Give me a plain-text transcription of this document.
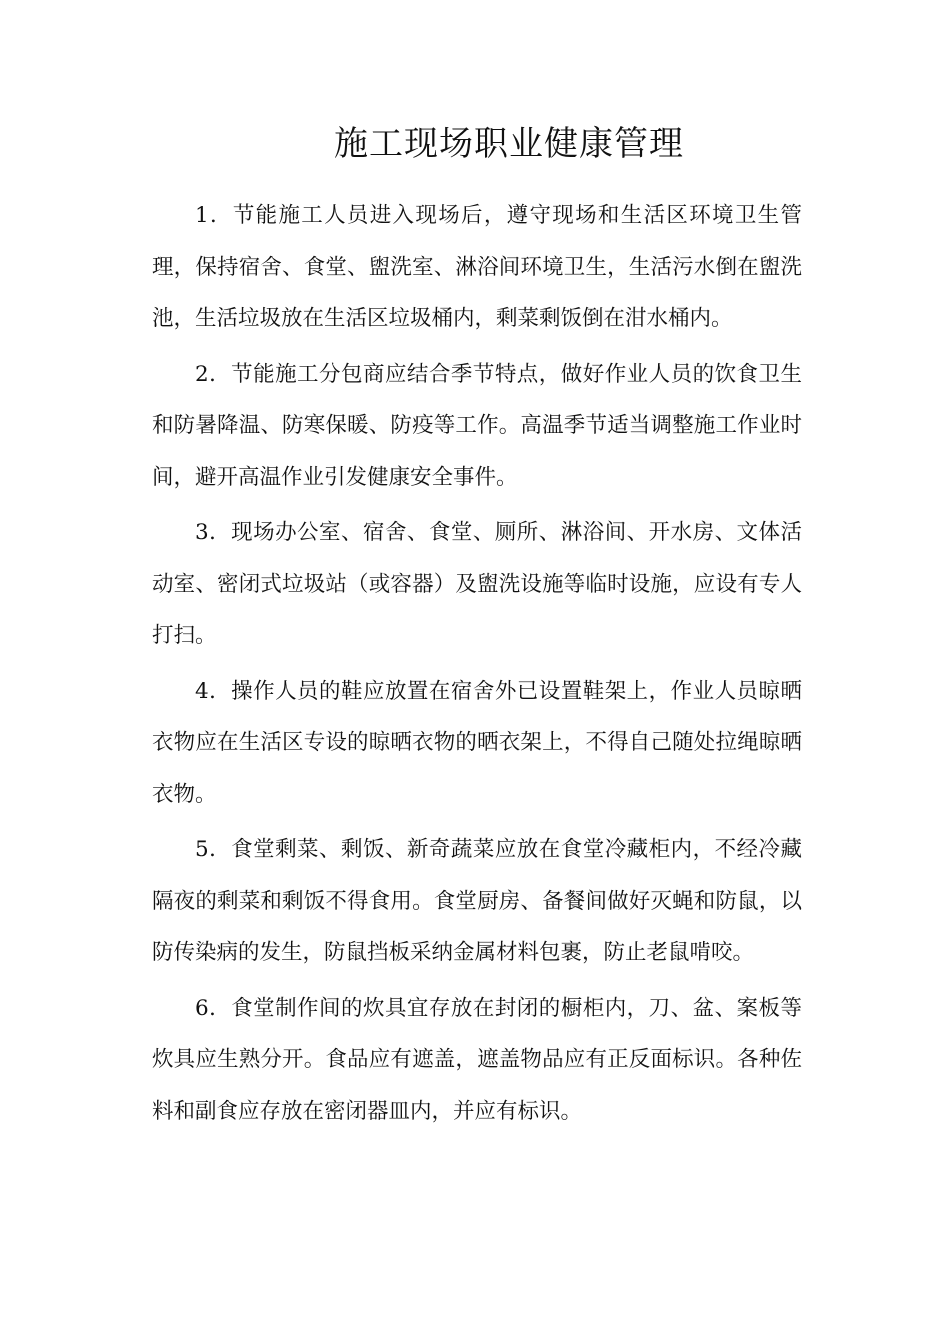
施工现场职业健康管理

1．节能施工人员进入现场后，遵守现场和生活区环境卫生管理，保持宿舍、食堂、盥洗室、淋浴间环境卫生，生活污水倒在盥洗池，生活垃圾放在生活区垃圾桶内，剩菜剩饭倒在泔水桶内。

2．节能施工分包商应结合季节特点，做好作业人员的饮食卫生和防暑降温、防寒保暖、防疫等工作。高温季节适当调整施工作业时间，避开高温作业引发健康安全事件。

3．现场办公室、宿舍、食堂、厕所、淋浴间、开水房、文体活动室、密闭式垃圾站（或容器）及盥洗设施等临时设施，应设有专人打扫。

4．操作人员的鞋应放置在宿舍外已设置鞋架上，作业人员晾晒衣物应在生活区专设的晾晒衣物的晒衣架上，不得自己随处拉绳晾晒衣物。

5．食堂剩菜、剩饭、新奇蔬菜应放在食堂冷藏柜内，不经冷藏隔夜的剩菜和剩饭不得食用。食堂厨房、备餐间做好灭蝇和防鼠，以防传染病的发生，防鼠挡板采纳金属材料包裹，防止老鼠啃咬。

6．食堂制作间的炊具宜存放在封闭的橱柜内，刀、盆、案板等炊具应生熟分开。食品应有遮盖，遮盖物品应有正反面标识。各种佐料和副食应存放在密闭器皿内，并应有标识。
